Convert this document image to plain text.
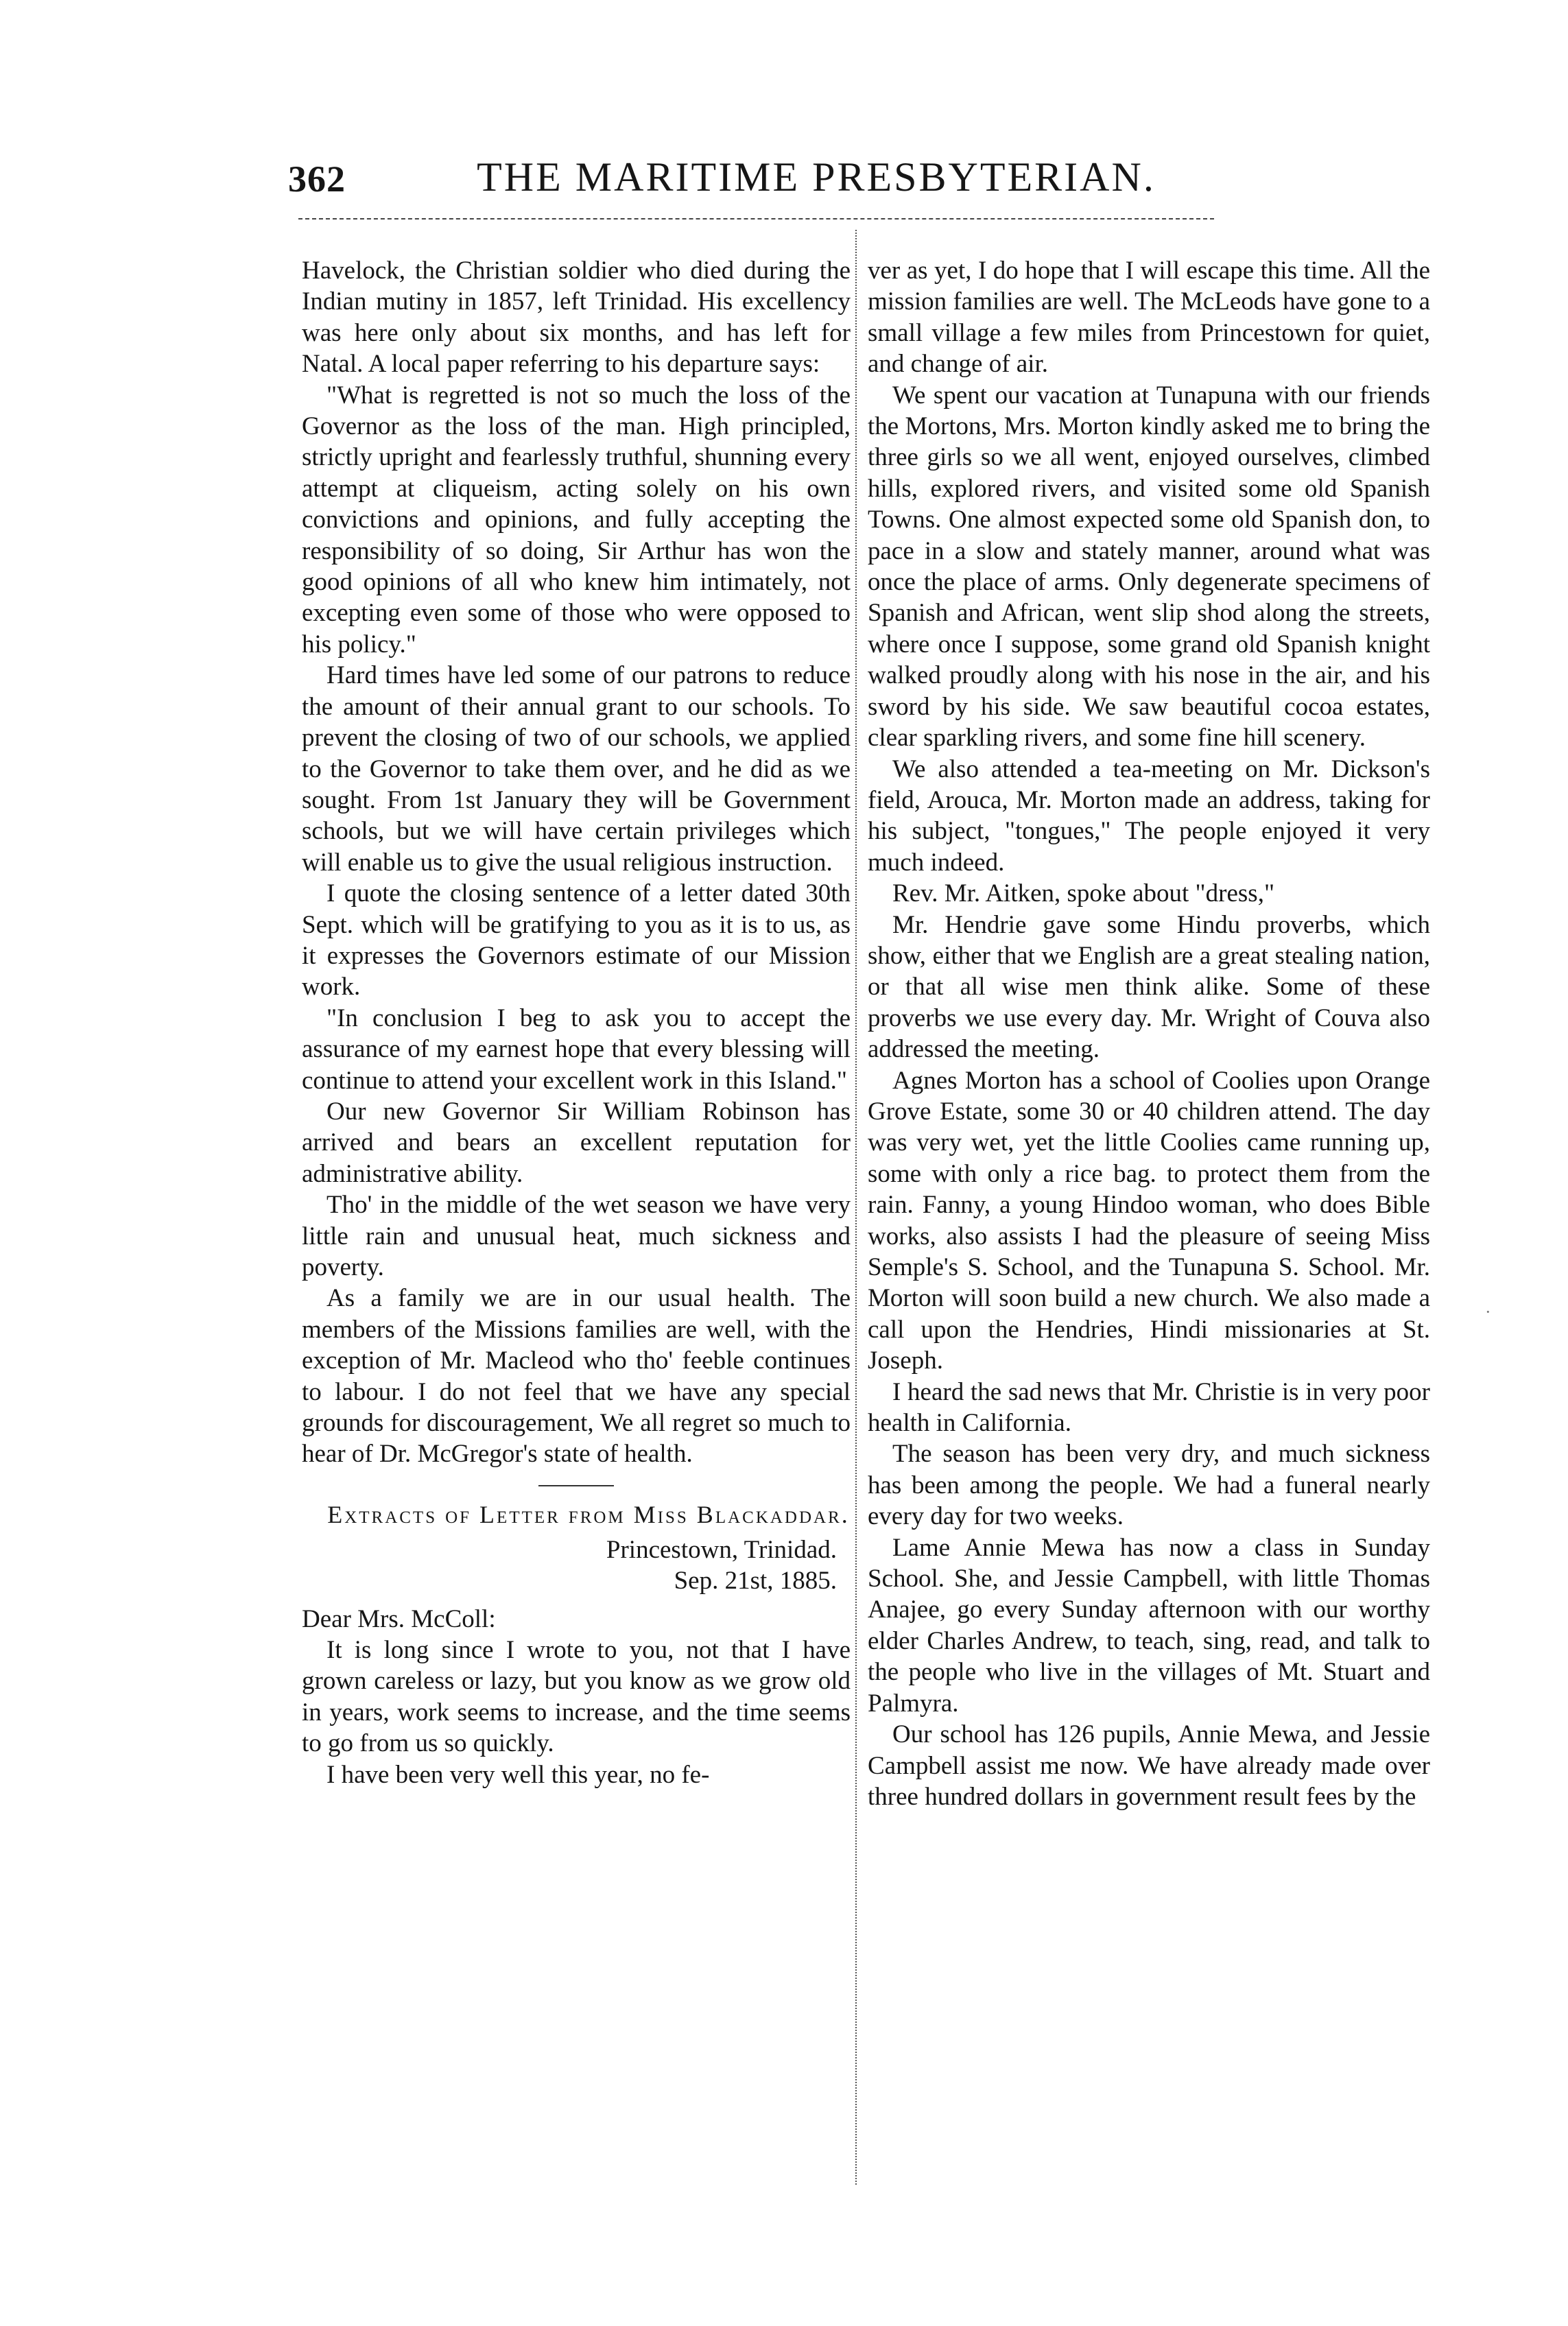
362	THE MARITIME PRESBYTERIAN.

Havelock, the Christian soldier who died during the Indian mutiny in 1857, left Trinidad. His excellency was here only about six months, and has left for Natal. A local paper referring to his departure says:

"What is regretted is not so much the loss of the Governor as the loss of the man. High principled, strictly upright and fearlessly truthful, shunning every attempt at cliqueism, acting solely on his own convictions and opinions, and fully accepting the responsibility of so doing, Sir Arthur has won the good opinions of all who knew him intimately, not excepting even some of those who were opposed to his policy."

Hard times have led some of our patrons to reduce the amount of their annual grant to our schools. To prevent the closing of two of our schools, we applied to the Governor to take them over, and he did as we sought. From 1st January they will be Government schools, but we will have certain privileges which will enable us to give the usual religious instruction.

I quote the closing sentence of a letter dated 30th Sept. which will be gratifying to you as it is to us, as it expresses the Governors estimate of our Mission work.

"In conclusion I beg to ask you to accept the assurance of my earnest hope that every blessing will continue to attend your excellent work in this Island."

Our new Governor Sir William Robinson has arrived and bears an excellent reputation for administrative ability.

Tho' in the middle of the wet season we have very little rain and unusual heat, much sickness and poverty.

As a family we are in our usual health. The members of the Missions families are well, with the exception of Mr. Macleod who tho' feeble continues to labour. I do not feel that we have any special grounds for discouragement, We all regret so much to hear of Dr. McGregor's state of health.

Extracts of Letter from Miss Blackaddar.

Princestown, Trinidad.
Sep. 21st, 1885.

Dear Mrs. McColl:

It is long since I wrote to you, not that I have grown careless or lazy, but you know as we grow old in years, work seems to increase, and the time seems to go from us so quickly.

I have been very well this year, no fe-

ver as yet, I do hope that I will escape this time. All the mission families are well. The McLeods have gone to a small village a few miles from Princestown for quiet, and change of air.

We spent our vacation at Tunapuna with our friends the Mortons, Mrs. Morton kindly asked me to bring the three girls so we all went, enjoyed ourselves, climbed hills, explored rivers, and visited some old Spanish Towns. One almost expected some old Spanish don, to pace in a slow and stately manner, around what was once the place of arms. Only degenerate specimens of Spanish and African, went slip shod along the streets, where once I suppose, some grand old Spanish knight walked proudly along with his nose in the air, and his sword by his side. We saw beautiful cocoa estates, clear sparkling rivers, and some fine hill scenery.

We also attended a tea-meeting on Mr. Dickson's field, Arouca, Mr. Morton made an address, taking for his subject, "tongues," The people enjoyed it very much indeed.

Rev. Mr. Aitken, spoke about "dress,"

Mr. Hendrie gave some Hindu proverbs, which show, either that we English are a great stealing nation, or that all wise men think alike. Some of these proverbs we use every day. Mr. Wright of Couva also addressed the meeting.

Agnes Morton has a school of Coolies upon Orange Grove Estate, some 30 or 40 children attend. The day was very wet, yet the little Coolies came running up, some with only a rice bag. to protect them from the rain. Fanny, a young Hindoo woman, who does Bible works, also assists I had the pleasure of seeing Miss Semple's S. School, and the Tunapuna S. School. Mr. Morton will soon build a new church. We also made a call upon the Hendries, Hindi missionaries at St. Joseph.

I heard the sad news that Mr. Christie is in very poor health in California.

The season has been very dry, and much sickness has been among the people. We had a funeral nearly every day for two weeks.

Lame Annie Mewa has now a class in Sunday School. She, and Jessie Campbell, with little Thomas Anajee, go every Sunday afternoon with our worthy elder Charles Andrew, to teach, sing, read, and talk to the people who live in the villages of Mt. Stuart and Palmyra.

Our school has 126 pupils, Annie Mewa, and Jessie Campbell assist me now. We have already made over three hundred dollars in government result fees by the

·
